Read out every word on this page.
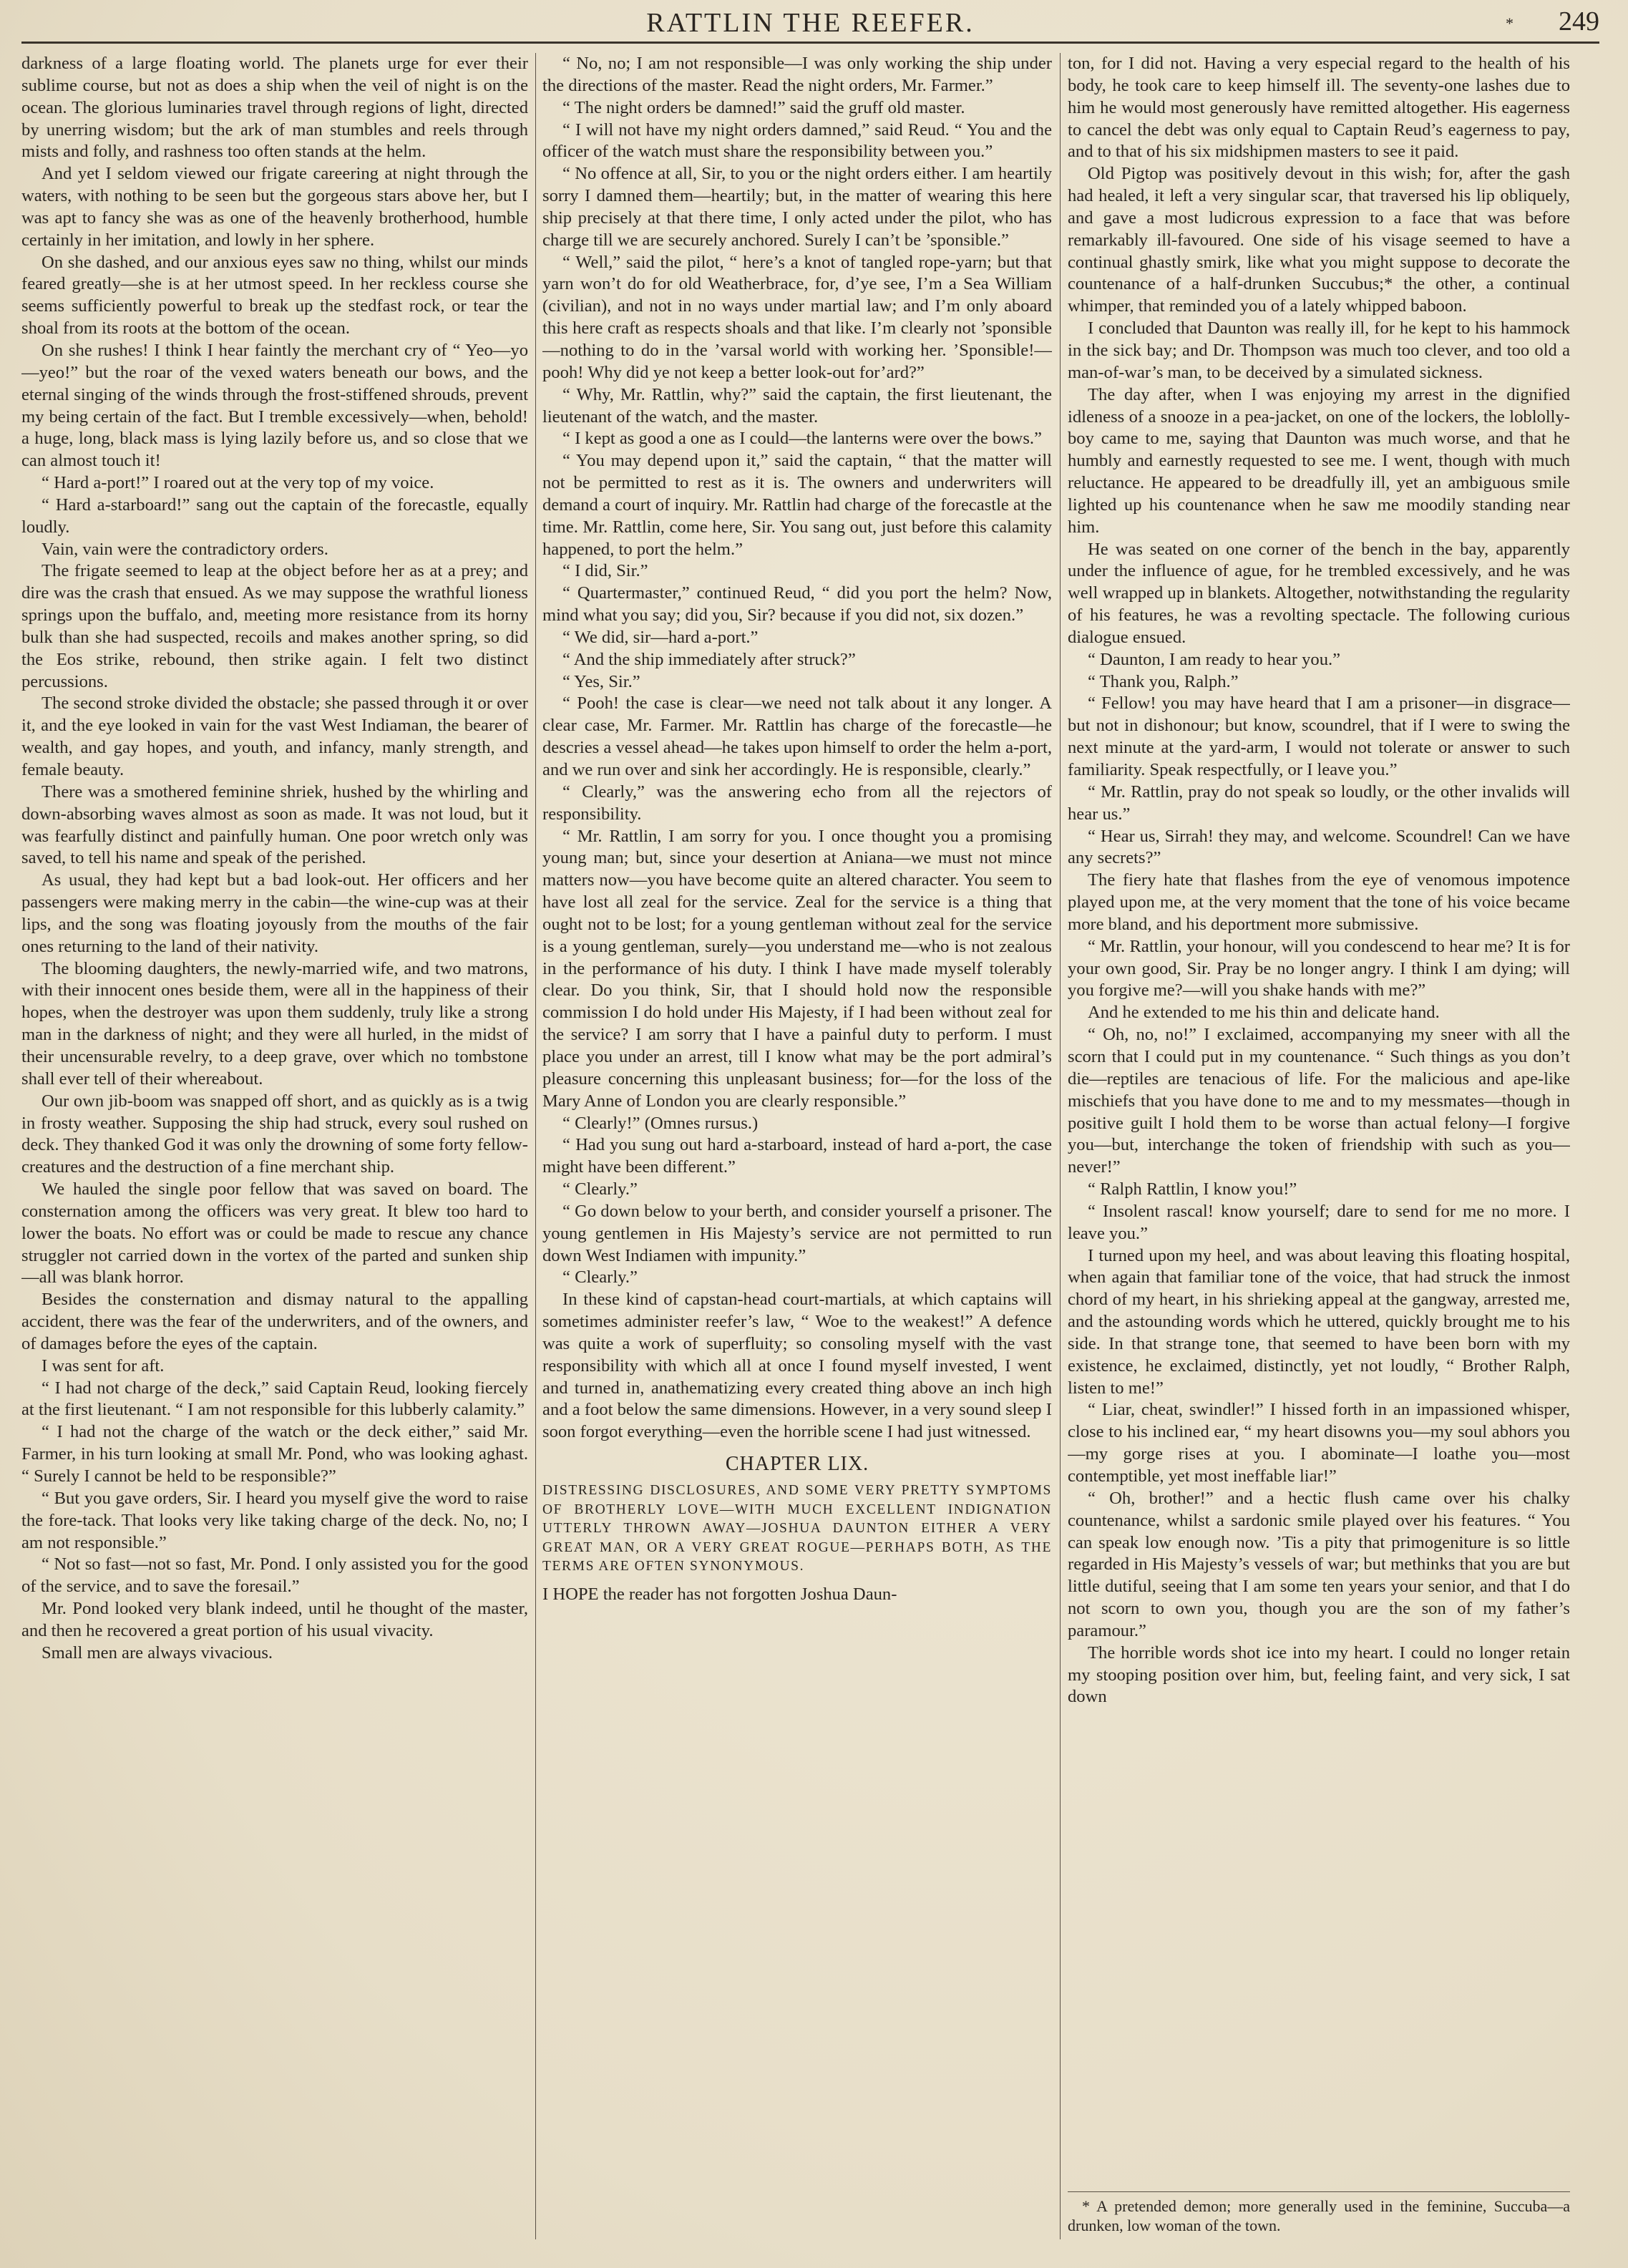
RATTLIN THE REEFER.	* 249

darkness of a large floating world. The planets urge for ever their sublime course, but not as does a ship when the veil of night is on the ocean. The glorious luminaries travel through regions of light, directed by unerring wisdom; but the ark of man stumbles and reels through mists and folly, and rashness too often stands at the helm.

And yet I seldom viewed our frigate careering at night through the waters, with nothing to be seen but the gorgeous stars above her, but I was apt to fancy she was as one of the heavenly brotherhood, humble certainly in her imitation, and lowly in her sphere.

On she dashed, and our anxious eyes saw no thing, whilst our minds feared greatly—she is at her utmost speed. In her reckless course she seems sufficiently powerful to break up the stedfast rock, or tear the shoal from its roots at the bottom of the ocean.

On she rushes! I think I hear faintly the merchant cry of “ Yeo—yo—yeo!” but the roar of the vexed waters beneath our bows, and the eternal singing of the winds through the frost-stiffened shrouds, prevent my being certain of the fact. But I tremble excessively—when, behold! a huge, long, black mass is lying lazily before us, and so close that we can almost touch it!

“ Hard a-port!” I roared out at the very top of my voice.

“ Hard a-starboard!” sang out the captain of the forecastle, equally loudly.

Vain, vain were the contradictory orders.

The frigate seemed to leap at the object before her as at a prey; and dire was the crash that ensued. As we may suppose the wrathful lioness springs upon the buffalo, and, meeting more resistance from its horny bulk than she had suspected, recoils and makes another spring, so did the Eos strike, rebound, then strike again. I felt two distinct percussions.

The second stroke divided the obstacle; she passed through it or over it, and the eye looked in vain for the vast West Indiaman, the bearer of wealth, and gay hopes, and youth, and infancy, manly strength, and female beauty.

There was a smothered feminine shriek, hushed by the whirling and down-absorbing waves almost as soon as made. It was not loud, but it was fearfully distinct and painfully human. One poor wretch only was saved, to tell his name and speak of the perished.

As usual, they had kept but a bad look-out. Her officers and her passengers were making merry in the cabin—the wine-cup was at their lips, and the song was floating joyously from the mouths of the fair ones returning to the land of their nativity.

The blooming daughters, the newly-married wife, and two matrons, with their innocent ones beside them, were all in the happiness of their hopes, when the destroyer was upon them suddenly, truly like a strong man in the darkness of night; and they were all hurled, in the midst of their uncensurable revelry, to a deep grave, over which no tombstone shall ever tell of their whereabout.

Our own jib-boom was snapped off short, and as quickly as is a twig in frosty weather. Supposing the ship had struck, every soul rushed on deck. They thanked God it was only the drowning of some forty fellow-creatures and the destruction of a fine merchant ship.

We hauled the single poor fellow that was saved on board. The consternation among the officers was very great. It blew too hard to lower the boats. No effort was or could be made to rescue any chance struggler not carried down in the vortex of the parted and sunken ship—all was blank horror.

Besides the consternation and dismay natural to the appalling accident, there was the fear of the underwriters, and of the owners, and of damages before the eyes of the captain.

I was sent for aft.

“ I had not charge of the deck,” said Captain Reud, looking fiercely at the first lieutenant. “ I am not responsible for this lubberly calamity.”

“ I had not the charge of the watch or the deck either,” said Mr. Farmer, in his turn looking at small Mr. Pond, who was looking aghast. “ Surely I cannot be held to be responsible?”

“ But you gave orders, Sir. I heard you myself give the word to raise the fore-tack. That looks very like taking charge of the deck. No, no; I am not responsible.”

“ Not so fast—not so fast, Mr. Pond. I only assisted you for the good of the service, and to save the foresail.”

Mr. Pond looked very blank indeed, until he thought of the master, and then he recovered a great portion of his usual vivacity.

Small men are always vivacious.

“ No, no; I am not responsible—I was only working the ship under the directions of the master. Read the night orders, Mr. Farmer.”

“ The night orders be damned!” said the gruff old master.

“ I will not have my night orders damned,” said Reud. “ You and the officer of the watch must share the responsibility between you.”

“ No offence at all, Sir, to you or the night orders either. I am heartily sorry I damned them—heartily; but, in the matter of wearing this here ship precisely at that there time, I only acted under the pilot, who has charge till we are securely anchored. Surely I can’t be ’sponsible.”

“ Well,” said the pilot, “ here’s a knot of tangled rope-yarn; but that yarn won’t do for old Weatherbrace, for, d’ye see, I’m a Sea William (civilian), and not in no ways under martial law; and I’m only aboard this here craft as respects shoals and that like. I’m clearly not ’sponsible—nothing to do in the ’varsal world with working her. ’Sponsible!—pooh! Why did ye not keep a better look-out for’ard?”

“ Why, Mr. Rattlin, why?” said the captain, the first lieutenant, the lieutenant of the watch, and the master.

“ I kept as good a one as I could—the lanterns were over the bows.”

“ You may depend upon it,” said the captain, “ that the matter will not be permitted to rest as it is. The owners and underwriters will demand a court of inquiry. Mr. Rattlin had charge of the forecastle at the time. Mr. Rattlin, come here, Sir. You sang out, just before this calamity happened, to port the helm.”

“ I did, Sir.”

“ Quartermaster,” continued Reud, “ did you port the helm? Now, mind what you say; did you, Sir? because if you did not, six dozen.”

“ We did, sir—hard a-port.”

“ And the ship immediately after struck?”

“ Yes, Sir.”

“ Pooh! the case is clear—we need not talk about it any longer. A clear case, Mr. Farmer. Mr. Rattlin has charge of the forecastle—he descries a vessel ahead—he takes upon himself to order the helm a-port, and we run over and sink her accordingly. He is responsible, clearly.”

“ Clearly,” was the answering echo from all the rejectors of responsibility.

“ Mr. Rattlin, I am sorry for you. I once thought you a promising young man; but, since your desertion at Aniana—we must not mince matters now—you have become quite an altered character. You seem to have lost all zeal for the service. Zeal for the service is a thing that ought not to be lost; for a young gentleman without zeal for the service is a young gentleman, surely—you understand me—who is not zealous in the performance of his duty. I think I have made myself tolerably clear. Do you think, Sir, that I should hold now the responsible commission I do hold under His Majesty, if I had been without zeal for the service? I am sorry that I have a painful duty to perform. I must place you under an arrest, till I know what may be the port admiral’s pleasure concerning this unpleasant business; for—for the loss of the Mary Anne of London you are clearly responsible.”

“ Clearly!” (Omnes rursus.)

“ Had you sung out hard a-starboard, instead of hard a-port, the case might have been different.”

“ Clearly.”

“ Go down below to your berth, and consider yourself a prisoner. The young gentlemen in His Majesty’s service are not permitted to run down West Indiamen with impunity.”

“ Clearly.”

In these kind of capstan-head court-martials, at which captains will sometimes administer reefer’s law, “ Woe to the weakest!” A defence was quite a work of superfluity; so consoling myself with the vast responsibility with which all at once I found myself invested, I went and turned in, anathematizing every created thing above an inch high and a foot below the same dimensions. However, in a very sound sleep I soon forgot everything—even the horrible scene I had just witnessed.

CHAPTER LIX.
DISTRESSING DISCLOSURES, AND SOME VERY PRETTY SYMPTOMS OF BROTHERLY LOVE—WITH MUCH EXCELLENT INDIGNATION UTTERLY THROWN AWAY—JOSHUA DAUNTON EITHER A VERY GREAT MAN, OR A VERY GREAT ROGUE—PERHAPS BOTH, AS THE TERMS ARE OFTEN SYNONYMOUS.

I HOPE the reader has not forgotten Joshua Daun-

ton, for I did not. Having a very especial regard to the health of his body, he took care to keep himself ill. The seventy-one lashes due to him he would most generously have remitted altogether. His eagerness to cancel the debt was only equal to Captain Reud’s eagerness to pay, and to that of his six midshipmen masters to see it paid.

Old Pigtop was positively devout in this wish; for, after the gash had healed, it left a very singular scar, that traversed his lip obliquely, and gave a most ludicrous expression to a face that was before remarkably ill-favoured. One side of his visage seemed to have a continual ghastly smirk, like what you might suppose to decorate the countenance of a half-drunken Succubus;* the other, a continual whimper, that reminded you of a lately whipped baboon.

I concluded that Daunton was really ill, for he kept to his hammock in the sick bay; and Dr. Thompson was much too clever, and too old a man-of-war’s man, to be deceived by a simulated sickness.

The day after, when I was enjoying my arrest in the dignified idleness of a snooze in a pea-jacket, on one of the lockers, the loblolly-boy came to me, saying that Daunton was much worse, and that he humbly and earnestly requested to see me. I went, though with much reluctance. He appeared to be dreadfully ill, yet an ambiguous smile lighted up his countenance when he saw me moodily standing near him.

He was seated on one corner of the bench in the bay, apparently under the influence of ague, for he trembled excessively, and he was well wrapped up in blankets. Altogether, notwithstanding the regularity of his features, he was a revolting spectacle. The following curious dialogue ensued.

“ Daunton, I am ready to hear you.”

“ Thank you, Ralph.”

“ Fellow! you may have heard that I am a prisoner—in disgrace—but not in dishonour; but know, scoundrel, that if I were to swing the next minute at the yard-arm, I would not tolerate or answer to such familiarity. Speak respectfully, or I leave you.”

“ Mr. Rattlin, pray do not speak so loudly, or the other invalids will hear us.”

“ Hear us, Sirrah! they may, and welcome. Scoundrel! Can we have any secrets?”

The fiery hate that flashes from the eye of venomous impotence played upon me, at the very moment that the tone of his voice became more bland, and his deportment more submissive.

“ Mr. Rattlin, your honour, will you condescend to hear me? It is for your own good, Sir. Pray be no longer angry. I think I am dying; will you forgive me?—will you shake hands with me?”

And he extended to me his thin and delicate hand.

“ Oh, no, no!” I exclaimed, accompanying my sneer with all the scorn that I could put in my countenance. “ Such things as you don’t die—reptiles are tenacious of life. For the malicious and ape-like mischiefs that you have done to me and to my messmates—though in positive guilt I hold them to be worse than actual felony—I forgive you—but, interchange the token of friendship with such as you—never!”

“ Ralph Rattlin, I know you!”

“ Insolent rascal! know yourself; dare to send for me no more. I leave you.”

I turned upon my heel, and was about leaving this floating hospital, when again that familiar tone of the voice, that had struck the inmost chord of my heart, in his shrieking appeal at the gangway, arrested me, and the astounding words which he uttered, quickly brought me to his side. In that strange tone, that seemed to have been born with my existence, he exclaimed, distinctly, yet not loudly, “ Brother Ralph, listen to me!”

“ Liar, cheat, swindler!” I hissed forth in an impassioned whisper, close to his inclined ear, “ my heart disowns you—my soul abhors you—my gorge rises at you. I abominate—I loathe you—most contemptible, yet most ineffable liar!”

“ Oh, brother!” and a hectic flush came over his chalky countenance, whilst a sardonic smile played over his features. “ You can speak low enough now. ’Tis a pity that primogeniture is so little regarded in His Majesty’s vessels of war; but methinks that you are but little dutiful, seeing that I am some ten years your senior, and that I do not scorn to own you, though you are the son of my father’s paramour.”

The horrible words shot ice into my heart. I could no longer retain my stooping position over him, but, feeling faint, and very sick, I sat down

* A pretended demon; more generally used in the feminine, Succuba—a drunken, low woman of the town.
